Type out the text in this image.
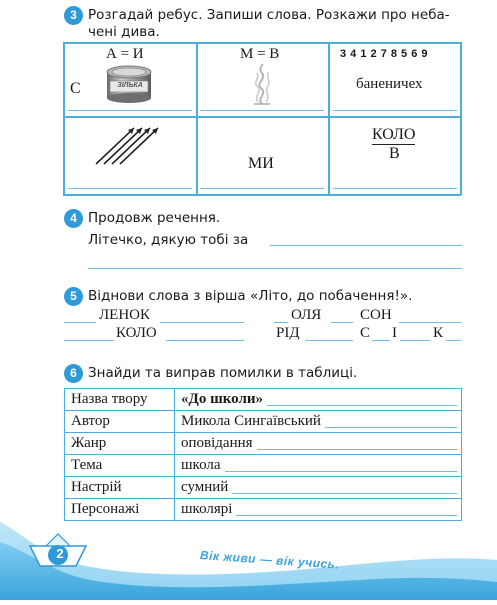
3 Розгадай ребус. Запиши слова. Розкажи про неба-
чені дива.
А = И
С	ЗІЛЬКА
М = В	3 4 1 2 7 8 5 6 9
баненичех
МИ
КОЛО
В
4 Продовж речення.
Літечко, дякую тобі за
5 Віднови слова з вірша «Літо, до побачення!».
ЛЕНОК	ОЛЯ	СОН
КОЛО	РІД	С І К
6 Знайди та виправ помилки в таблиці.
Назва твору	«До школи»

Автор	Микола Сингаївський

Жанр	оповідання

Тема	школа

Настрій	сумний

Персонажі	школярі
2	Вік живи — вік учись.
